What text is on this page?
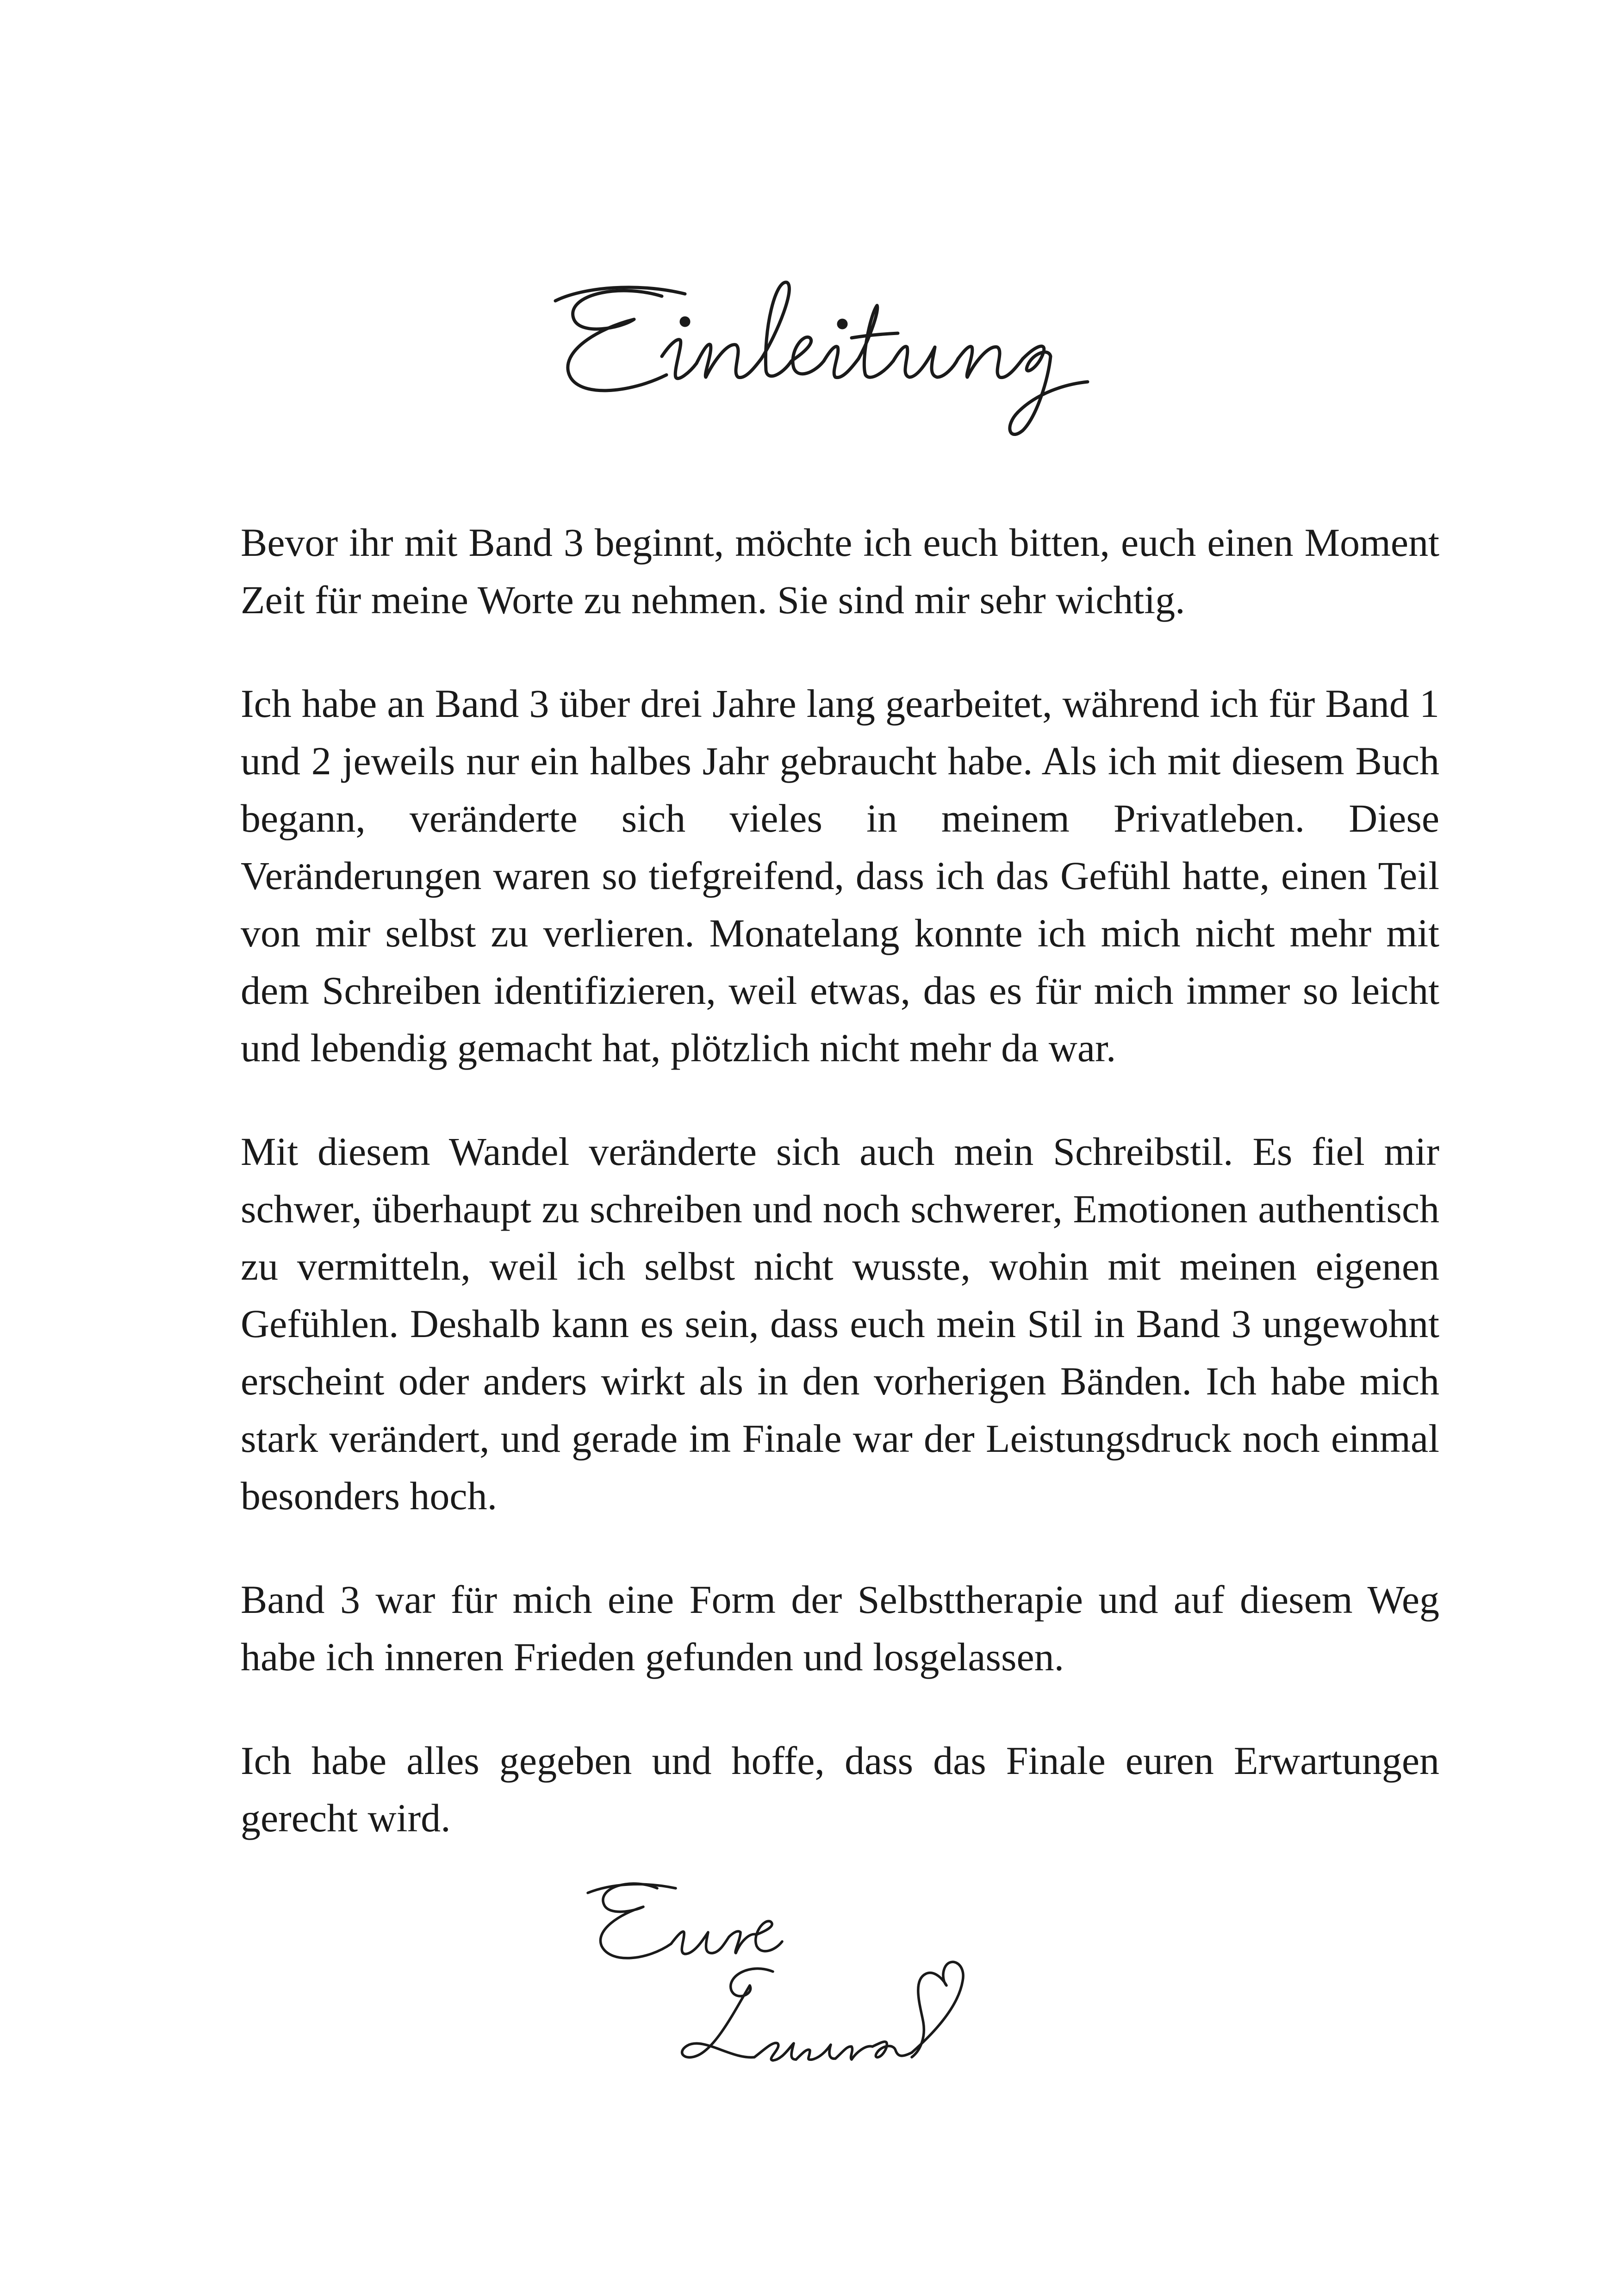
Bevor ihr mit Band 3 beginnt, möchte ich euch bitten, euch einen Moment Zeit für meine Worte zu nehmen. Sie sind mir sehr wichtig.

Ich habe an Band 3 über drei Jahre lang gearbeitet, während ich für Band 1 und 2 jeweils nur ein halbes Jahr gebraucht habe. Als ich mit diesem Buch begann, veränderte sich vieles in meinem Privatleben. Diese Veränderungen waren so tiefgreifend, dass ich das Gefühl hatte, einen Teil von mir selbst zu verlieren. Monatelang konnte ich mich nicht mehr mit dem Schreiben identifizieren, weil etwas, das es für mich immer so leicht und lebendig gemacht hat, plötzlich nicht mehr da war.

Mit diesem Wandel veränderte sich auch mein Schreibstil. Es fiel mir schwer, überhaupt zu schreiben und noch schwerer, Emotionen authentisch zu vermitteln, weil ich selbst nicht wusste, wohin mit meinen eigenen Gefühlen. Deshalb kann es sein, dass euch mein Stil in Band 3 ungewohnt erscheint oder anders wirkt als in den vorherigen Bänden. Ich habe mich stark verändert, und gerade im Finale war der Leistungsdruck noch einmal besonders hoch.

Band 3 war für mich eine Form der Selbsttherapie und auf diesem Weg habe ich inneren Frieden gefunden und losgelassen.

Ich habe alles gegeben und hoffe, dass das Finale euren Erwartungen gerecht wird.
